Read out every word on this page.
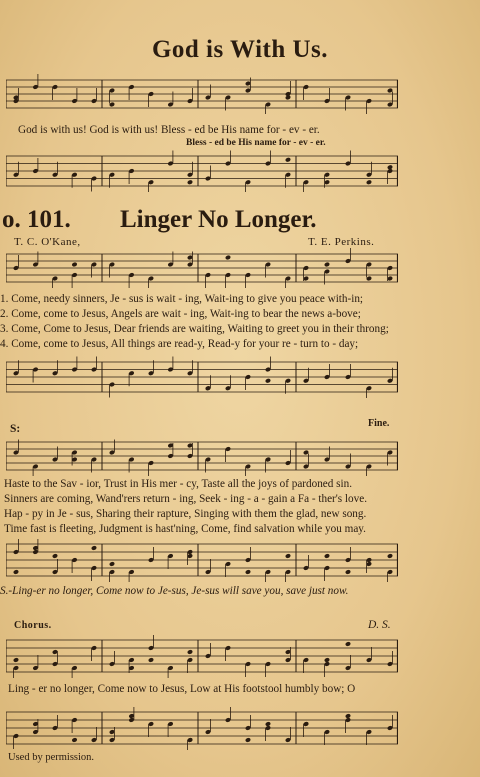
God is With Us.
God is with us! God is with us! Bless - ed be His name for - ev - er.
Bless - ed be His name for - ev - er.
o. 101. Linger No Longer.
T. C. O'Kane,	T. E. Perkins.
1. Come, needy sinners, Je - sus is wait - ing, Wait-ing to give you peace with-in;
2. Come, come to Jesus, Angels are wait - ing, Wait-ing to bear the news a-bove;
3. Come, Come to Jesus, Dear friends are waiting, Waiting to greet you in their throng;
4. Come, come to Jesus, All things are read-y, Read-y for your re - turn to - day;
S:	Fine.
Haste to the Sav - ior, Trust in His mer - cy, Taste all the joys of pardoned sin.
Sinners are coming, Wand'rers return - ing, Seek - ing - a - gain a Fa - ther's love.
Hap - py in Je - sus, Sharing their rapture, Singing with them the glad, new song.
Time fast is fleeting, Judgment is hast'ning, Come, find salvation while you may.
S.-Ling-er no longer, Come now to Je-sus, Je-sus will save you, save just now.
Chorus.	D. S.
Ling - er no longer, Come now to Jesus, Low at His footstool humbly bow; O
Used by permission.
